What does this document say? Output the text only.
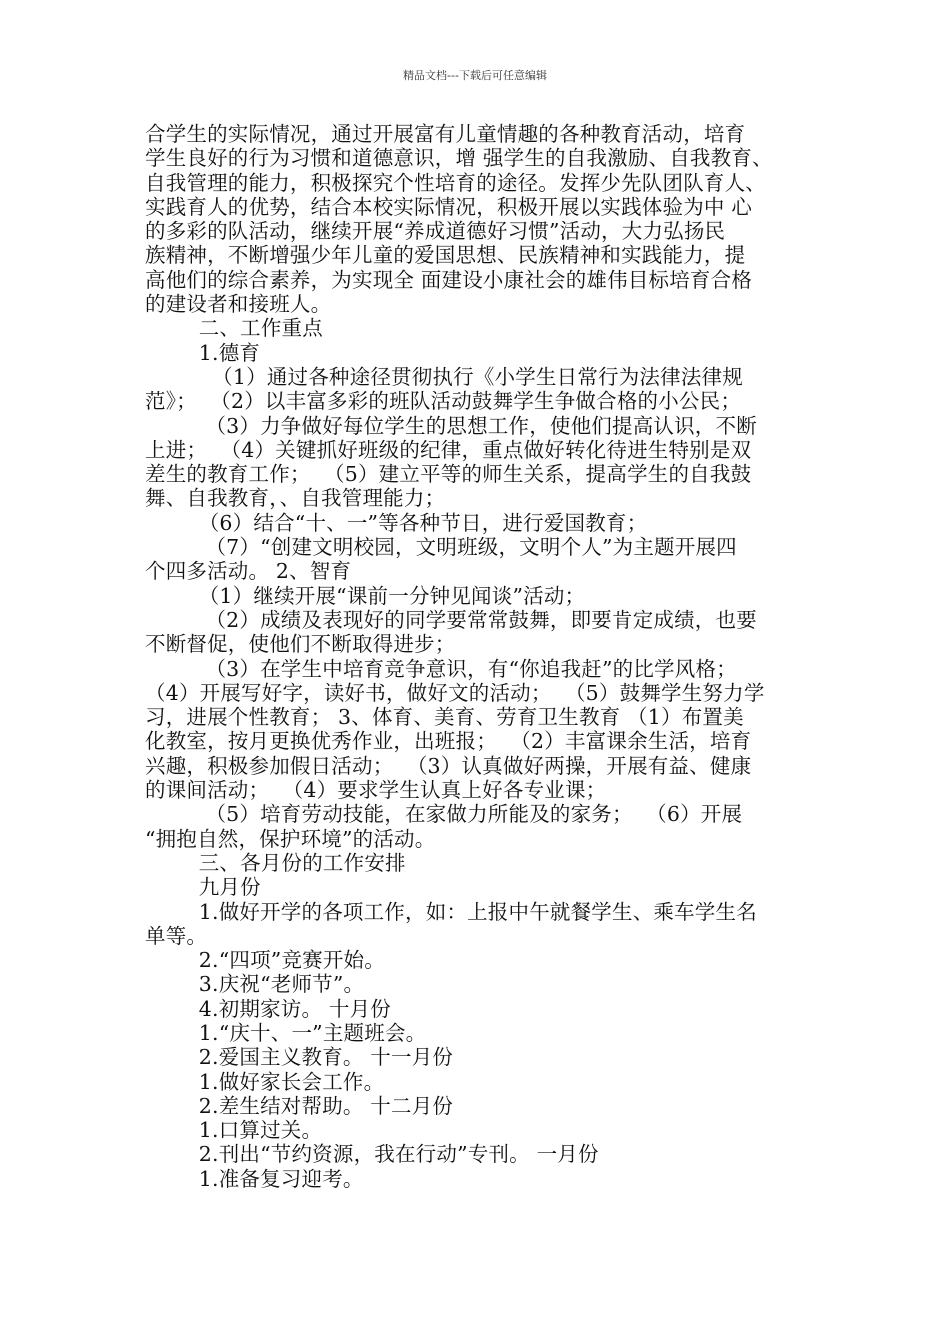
精品文档---下载后可任意编辑

合学生的实际情况，通过开展富有儿童情趣的各种教育活动，培育

学生良好的行为习惯和道德意识，增 强学生的自我激励、自我教育、

自我管理的能力，积极探究个性培育的途径。发挥少先队团队育人、

实践育人的优势，结合本校实际情况，积极开展以实践体验为中 心

的多彩的队活动，继续开展“养成道德好习惯”活动，大力弘扬民

族精神，不断增强少年儿童的爱国思想、民族精神和实践能力，提

高他们的综合素养，为实现全 面建设小康社会的雄伟目标培育合格

的建设者和接班人。

二、工作重点

1.德育

（1）通过各种途径贯彻执行《小学生日常行为法律法律规

范》；  （2）以丰富多彩的班队活动鼓舞学生争做合格的小公民；

（3）力争做好每位学生的思想工作，使他们提高认识，不断

上进；  （4）关键抓好班级的纪律，重点做好转化待进生特别是双

差生的教育工作；  （5）建立平等的师生关系，提高学生的自我鼓

舞、自我教育，、自我管理能力；

（6）结合“十、一”等各种节日，进行爱国教育；

（7）“创建文明校园，文明班级，文明个人”为主题开展四

个四多活动。 2、智育

（1）继续开展“课前一分钟见闻谈”活动；

（2）成绩及表现好的同学要常常鼓舞，即要肯定成绩，也要

不断督促，使他们不断取得进步；

（3）在学生中培育竞争意识，有“你追我赶”的比学风格；

（4）开展写好字，读好书，做好文的活动；  （5）鼓舞学生努力学

习，进展个性教育； 3、体育、美育、劳育卫生教育 （1）布置美

化教室，按月更换优秀作业，出班报；  （2）丰富课余生活，培育

兴趣，积极参加假日活动；  （3）认真做好两操，开展有益、健康

的课间活动；  （4）要求学生认真上好各专业课；

（5）培育劳动技能，在家做力所能及的家务；  （6）开展

“拥抱自然，保护环境”的活动。

三、各月份的工作安排

九月份

1.做好开学的各项工作，如：上报中午就餐学生、乘车学生名

单等。

2.“四项”竞赛开始。

3.庆祝“老师节”。

4.初期家访。 十月份

1.“庆十、一”主题班会。

2.爱国主义教育。 十一月份

1.做好家长会工作。

2.差生结对帮助。 十二月份

1.口算过关。

2.刊出“节约资源，我在行动”专刊。 一月份

1.准备复习迎考。
